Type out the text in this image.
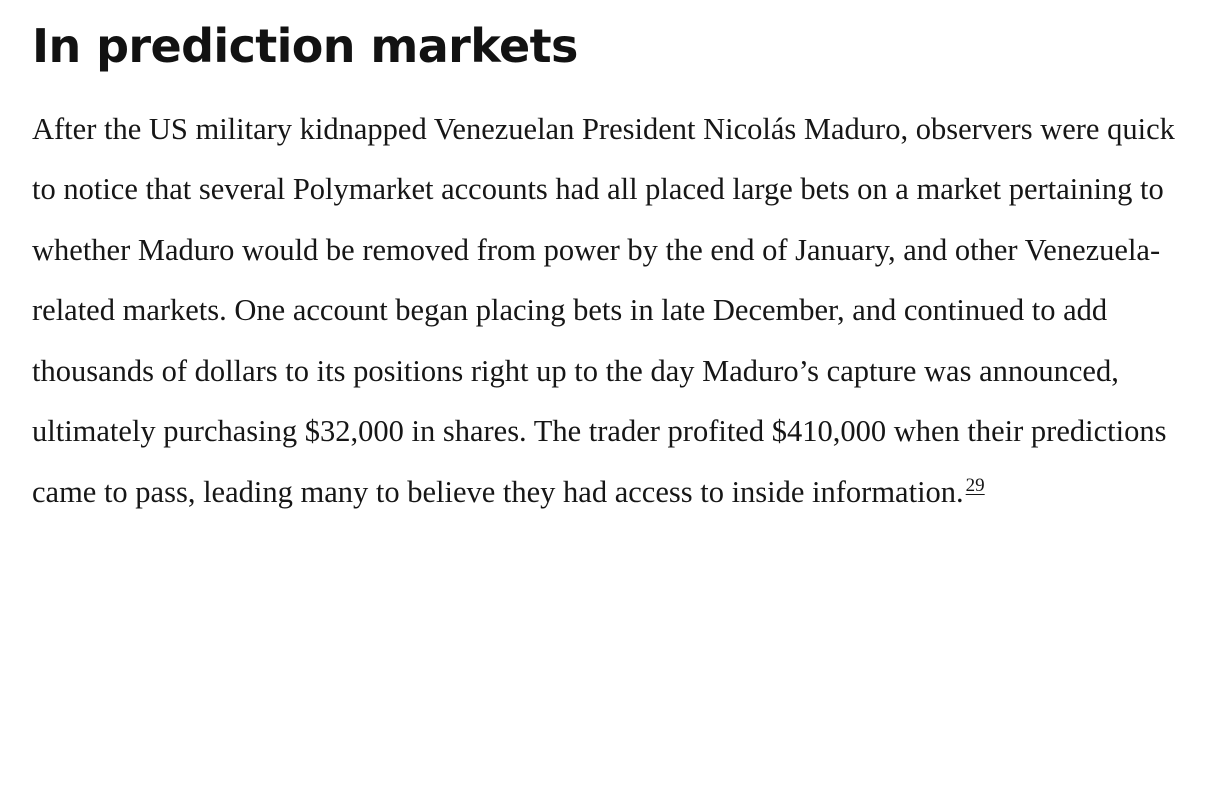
In prediction markets

After the US military kidnapped Venezuelan President Nicolás Maduro, observers were quick to notice that several Polymarket accounts had all placed large bets on a market pertaining to whether Maduro would be removed from power by the end of January, and other Venezuela-related markets. One account began placing bets in late December, and continued to add thousands of dollars to its positions right up to the day Maduro’s capture was announced, ultimately purchasing $32,000 in shares. The trader profited $410,000 when their predictions came to pass, leading many to believe they had access to inside information. $^{29}$
